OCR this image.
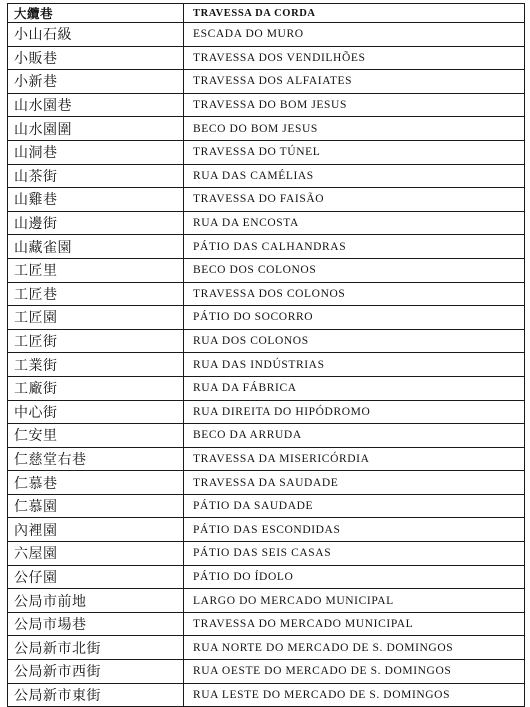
大纜巷	TRAVESSA DA CORDA
小山石級	ESCADA DO MURO
小販巷	TRAVESSA DOS VENDILHÕES
小新巷	TRAVESSA DOS ALFAIATES
山水園巷	TRAVESSA DO BOM JESUS
山水園圍	BECO DO BOM JESUS
山洞巷	TRAVESSA DO TÚNEL
山茶街	RUA DAS CAMÉLIAS
山雞巷	TRAVESSA DO FAISÃO
山邊街	RUA DA ENCOSTA
山藏雀園	PÁTIO DAS CALHANDRAS
工匠里	BECO DOS COLONOS
工匠巷	TRAVESSA DOS COLONOS
工匠園	PÁTIO DO SOCORRO
工匠街	RUA DOS COLONOS
工業街	RUA DAS INDÚSTRIAS
工廠街	RUA DA FÁBRICA
中心街	RUA DIREITA DO HIPÓDROMO
仁安里	BECO DA ARRUDA
仁慈堂右巷	TRAVESSA DA MISERICÓRDIA
仁慕巷	TRAVESSA DA SAUDADE
仁慕園	PÁTIO DA SAUDADE
內裡園	PÁTIO DAS ESCONDIDAS
六屋園	PÁTIO DAS SEIS CASAS
公仔園	PÁTIO DO ÍDOLO
公局市前地	LARGO DO MERCADO MUNICIPAL
公局市場巷	TRAVESSA DO MERCADO MUNICIPAL
公局新市北街	RUA NORTE DO MERCADO DE S. DOMINGOS
公局新市西街	RUA OESTE DO MERCADO DE S. DOMINGOS
公局新市東街	RUA LESTE DO MERCADO DE S. DOMINGOS
